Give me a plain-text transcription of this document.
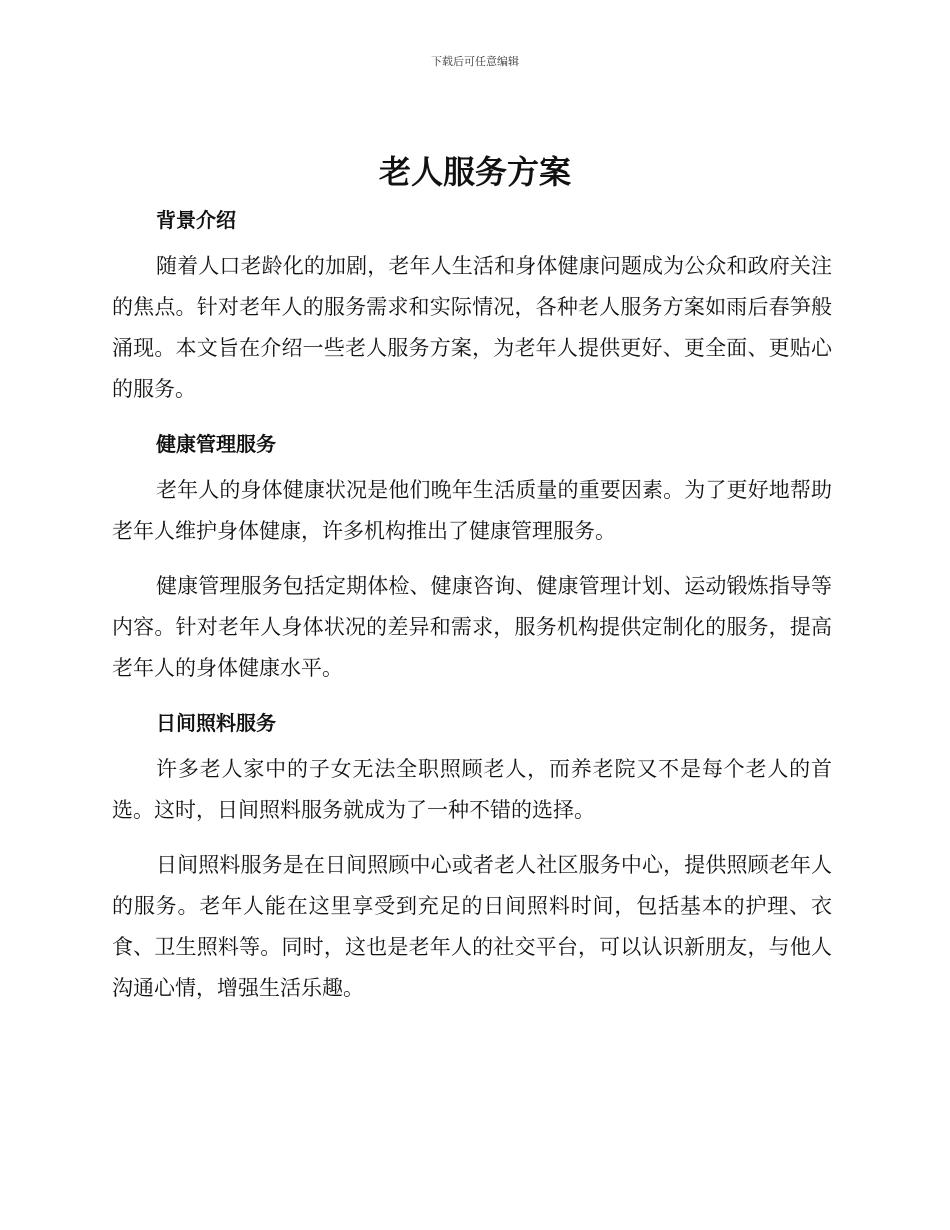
下载后可任意编辑
老人服务方案
背景介绍

随着人口老龄化的加剧，老年人生活和身体健康问题成为公众和政府关注的焦点。针对老年人的服务需求和实际情况，各种老人服务方案如雨后春笋般涌现。本文旨在介绍一些老人服务方案，为老年人提供更好、更全面、更贴心的服务。

健康管理服务

老年人的身体健康状况是他们晚年生活质量的重要因素。为了更好地帮助老年人维护身体健康，许多机构推出了健康管理服务。

健康管理服务包括定期体检、健康咨询、健康管理计划、运动锻炼指导等内容。针对老年人身体状况的差异和需求，服务机构提供定制化的服务，提高老年人的身体健康水平。

日间照料服务

许多老人家中的子女无法全职照顾老人，而养老院又不是每个老人的首选。这时，日间照料服务就成为了一种不错的选择。

日间照料服务是在日间照顾中心或者老人社区服务中心，提供照顾老年人的服务。老年人能在这里享受到充足的日间照料时间，包括基本的护理、衣食、卫生照料等。同时，这也是老年人的社交平台，可以认识新朋友，与他人沟通心情，增强生活乐趣。
